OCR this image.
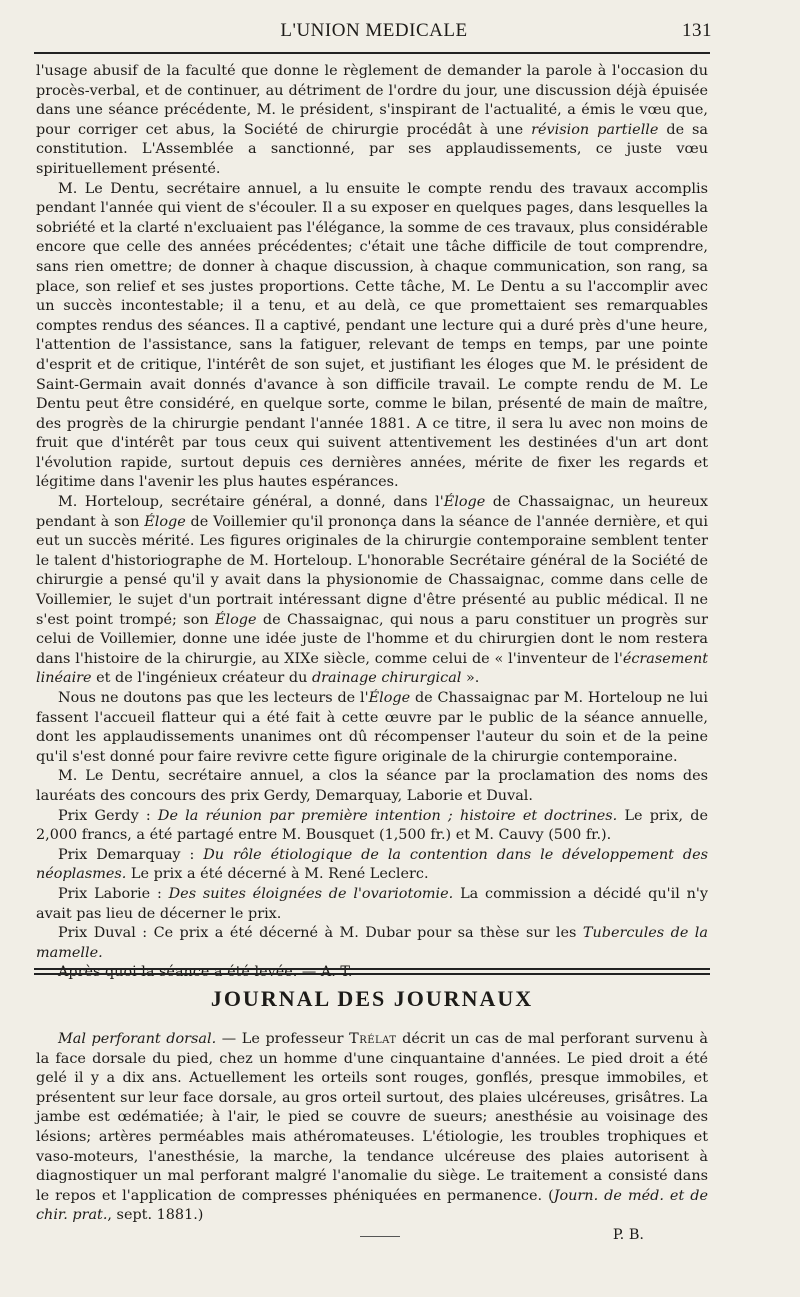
L'UNION MEDICALE	131

l'usage abusif de la faculté que donne le règlement de demander la parole à l'occasion du procès-verbal, et de continuer, au détriment de l'ordre du jour, une discussion déjà épuisée dans une séance précédente, M. le président, s'inspirant de l'actualité, a émis le vœu que, pour corriger cet abus, la Société de chirurgie procédât à une révision partielle de sa constitution. L'Assemblée a sanctionné, par ses applaudissements, ce juste vœu spirituellement présenté.

M. Le Dentu, secrétaire annuel, a lu ensuite le compte rendu des travaux accomplis pendant l'année qui vient de s'écouler. Il a su exposer en quelques pages, dans lesquelles la sobriété et la clarté n'excluaient pas l'élégance, la somme de ces travaux, plus considérable encore que celle des années précédentes; c'était une tâche difficile de tout comprendre, sans rien omettre; de donner à chaque discussion, à chaque communication, son rang, sa place, son relief et ses justes proportions. Cette tâche, M. Le Dentu a su l'accomplir avec un succès incontestable; il a tenu, et au delà, ce que promettaient ses remarquables comptes rendus des séances. Il a captivé, pendant une lecture qui a duré près d'une heure, l'attention de l'assistance, sans la fatiguer, relevant de temps en temps, par une pointe d'esprit et de critique, l'intérêt de son sujet, et justifiant les éloges que M. le président de Saint-Germain avait donnés d'avance à son difficile travail. Le compte rendu de M. Le Dentu peut être considéré, en quelque sorte, comme le bilan, présenté de main de maître, des progrès de la chirurgie pendant l'année 1881. A ce titre, il sera lu avec non moins de fruit que d'intérêt par tous ceux qui suivent attentivement les destinées d'un art dont l'évolution rapide, surtout depuis ces dernières années, mérite de fixer les regards et légitime dans l'avenir les plus hautes espérances.

M. Horteloup, secrétaire général, a donné, dans l'Éloge de Chassaignac, un heureux pendant à son Éloge de Voillemier qu'il prononça dans la séance de l'année dernière, et qui eut un succès mérité. Les figures originales de la chirurgie contemporaine semblent tenter le talent d'historiographe de M. Horteloup. L'honorable Secrétaire général de la Société de chirurgie a pensé qu'il y avait dans la physionomie de Chassaignac, comme dans celle de Voillemier, le sujet d'un portrait intéressant digne d'être présenté au public médical. Il ne s'est point trompé; son Éloge de Chassaignac, qui nous a paru constituer un progrès sur celui de Voillemier, donne une idée juste de l'homme et du chirurgien dont le nom restera dans l'histoire de la chirurgie, au XIXe siècle, comme celui de « l'inventeur de l'écrasement linéaire et de l'ingénieux créateur du drainage chirurgical ».

Nous ne doutons pas que les lecteurs de l'Éloge de Chassaignac par M. Horteloup ne lui fassent l'accueil flatteur qui a été fait à cette œuvre par le public de la séance annuelle, dont les applaudissements unanimes ont dû récompenser l'auteur du soin et de la peine qu'il s'est donné pour faire revivre cette figure originale de la chirurgie contemporaine.

M. Le Dentu, secrétaire annuel, a clos la séance par la proclamation des noms des lauréats des concours des prix Gerdy, Demarquay, Laborie et Duval.

Prix Gerdy : De la réunion par première intention ; histoire et doctrines. Le prix, de 2,000 francs, a été partagé entre M. Bousquet (1,500 fr.) et M. Cauvy (500 fr.).

Prix Demarquay : Du rôle étiologique de la contention dans le développement des néoplasmes. Le prix a été décerné à M. René Leclerc.

Prix Laborie : Des suites éloignées de l'ovariotomie. La commission a décidé qu'il n'y avait pas lieu de décerner le prix.

Prix Duval : Ce prix a été décerné à M. Dubar pour sa thèse sur les Tubercules de la mamelle.

JOURNAL DES JOURNAUX

Mal perforant dorsal. — Le professeur Trélat décrit un cas de mal perforant survenu à la face dorsale du pied, chez un homme d'une cinquantaine d'années. Le pied droit a été gelé il y a dix ans. Actuellement les orteils sont rouges, gonflés, presque immobiles, et présentent sur leur face dorsale, au gros orteil surtout, des plaies ulcéreuses, grisâtres. La jambe est œdématiée; à l'air, le pied se couvre de sueurs; anesthésie au voisinage des lésions; artères perméables mais athéromateuses. L'étiologie, les troubles trophiques et vaso-moteurs, l'anesthésie, la marche, la tendance ulcéreuse des plaies autorisent à diagnostiquer un mal perforant malgré l'anomalie du siège. Le traitement a consisté dans le repos et l'application de compresses phéniquées en permanence. (Journ. de méd. et de chir. prat., sept. 1881.)

P. B.
